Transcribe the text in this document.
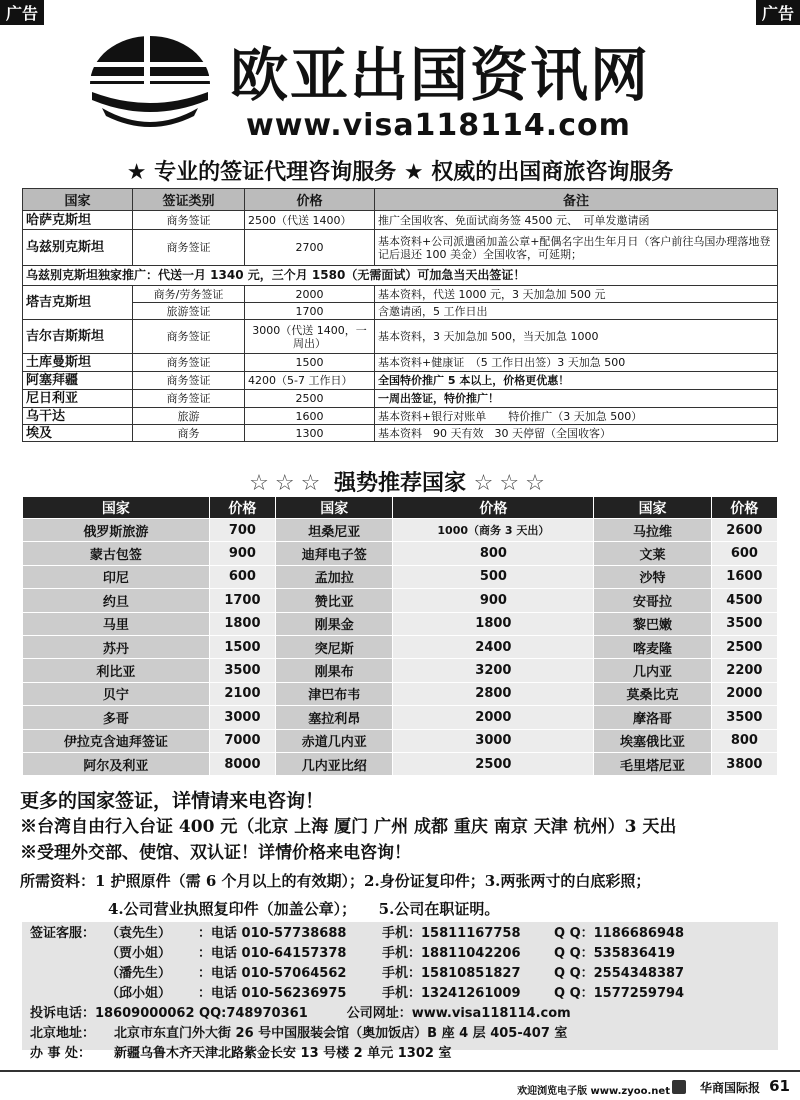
广告	广告
欧亚出国资讯网
www.visa118114.com
★ 专业的签证代理咨询服务 ★ 权威的出国商旅咨询服务
国家	签证类别	价格	备注
哈萨克斯坦	商务签证	2500（代送 1400）	推广全国收客、免面试商务签 4500 元、　可单发邀请函
乌兹别克斯坦	商务签证	2700	基本资料+公司派遣函加盖公章+配偶名字出生年月日（客户前往乌国办理落地登记后退还 100 美金）全国收客，可延期；
乌兹别克斯坦独家推广：代送一月 1340 元，三个月 1580（无需面试）可加急当天出签证！			
塔吉克斯坦	商务/劳务签证	2000	基本资料，代送 1000 元，3 天加急加 500 元
	旅游签证	1700	含邀请函，5 工作日出
吉尔吉斯斯坦	商务签证	3000（代送 1400，一周出）	基本资料，3 天加急加 500，当天加急 1000
土库曼斯坦	商务签证	1500	基本资料+健康证　（5 工作日出签）3 天加急 500
阿塞拜疆	商务签证	4200（5-7 工作日）	全国特价推广 5 本以上，价格更优惠！
尼日利亚	商务签证	2500	一周出签证，特价推广！
乌干达	旅游	1600	基本资料+银行对账单　　特价推广（3 天加急 500）
埃及	商务	1300	基本资料　90 天有效　30 天停留（全国收客）
☆☆☆ 强势推荐国家 ☆☆☆
国家	价格	国家	价格	国家	价格
俄罗斯旅游	700	坦桑尼亚	1000（商务 3 天出）	马拉维	2600
蒙古包签	900	迪拜电子签	800	文莱	600
印尼	600	孟加拉	500	沙特	1600
约旦	1700	赞比亚	900	安哥拉	4500
马里	1800	刚果金	1800	黎巴嫩	3500
苏丹	1500	突尼斯	2400	喀麦隆	2500
利比亚	3500	刚果布	3200	几内亚	2200
贝宁	2100	津巴布韦	2800	莫桑比克	2000
多哥	3000	塞拉利昂	2000	摩洛哥	3500
伊拉克含迪拜签证	7000	赤道几内亚	3000	埃塞俄比亚	800
阿尔及利亚	8000	几内亚比绍	2500	毛里塔尼亚	3800
更多的国家签证，详情请来电咨询！
※台湾自由行入台证 400 元（北京 上海 厦门 广州 成都 重庆 南京 天津 杭州）3 天出
※受理外交部、使馆、双认证！详情价格来电咨询！
所需资料：1 护照原件（需 6 个月以上的有效期）；2.身份证复印件；3.两张两寸的白底彩照；
4.公司营业执照复印件（加盖公章）；　　5.公司在职证明。
签证客服： （袁先生） ：电话 010-57738688	手机：15811167758	Q Q：1186686948
（贾小姐） ：电话 010-64157378	手机：18811042206	Q Q：535836419
（潘先生） ：电话 010-57064562	手机：15810851827	Q Q：2554348387
（邱小姐） ：电话 010-56236975	手机：13241261009	Q Q：1577259794
投诉电话：18609000062 QQ:748970361　　　公司网址：www.visa118114.com
北京地址： 北京市东直门外大街 26 号中国服装会馆（奥加饭店）B 座 4 层 405-407 室
办 事 处： 新疆乌鲁木齐天津北路紫金长安 13 号楼 2 单元 1302 室
欢迎浏览电子版 www.zyoo.net 华商国际报 61
